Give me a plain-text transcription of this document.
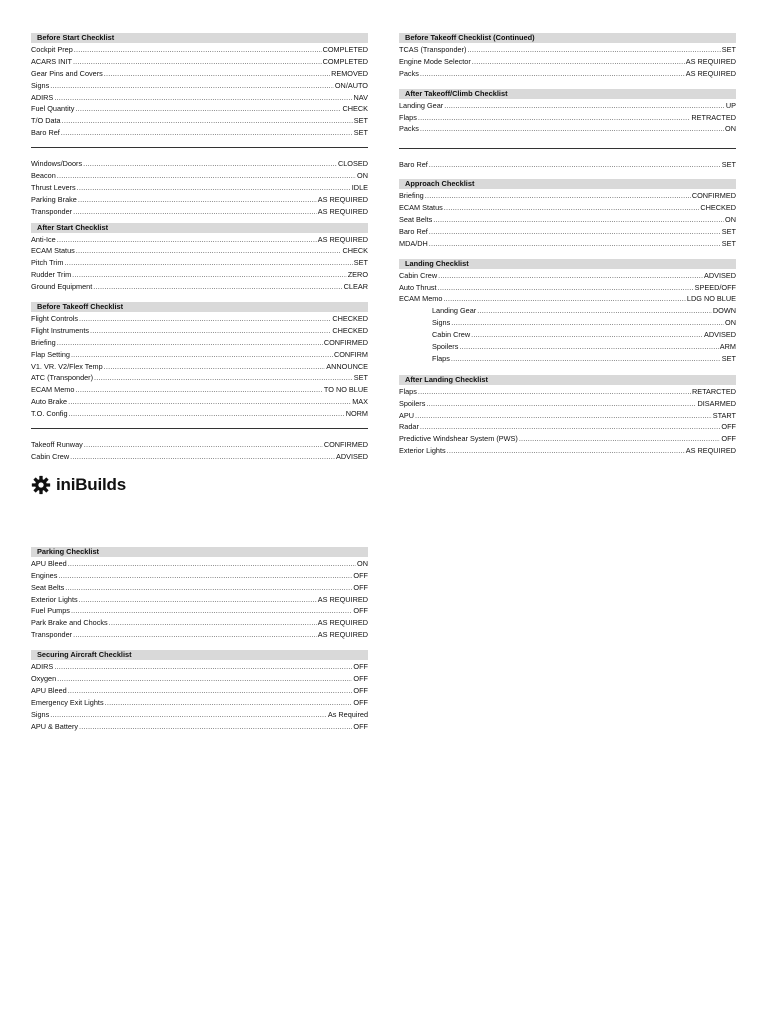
Before Start Checklist
Cockpit Prep .....	COMPLETED
ACARS INIT .....	COMPLETED
Gear Pins and Covers .....	REMOVED
Signs .....	ON/AUTO
ADIRS .....	NAV
Fuel Quantity .....	CHECK
T/O Data .....	SET
Baro Ref .....	SET
Windows/Doors .....	CLOSED
Beacon .....	ON
Thrust Levers .....	IDLE
Parking Brake .....	AS REQUIRED
Transponder .....	AS REQUIRED
After Start Checklist
Anti-Ice .....	AS REQUIRED
ECAM Status .....	CHECK
Pitch Trim .....	SET
Rudder Trim .....	ZERO
Ground Equipment .....	CLEAR
Before Takeoff Checklist
Flight Controls .....	CHECKED
Flight Instruments .....	CHECKED
Briefing .....	CONFIRMED
Flap Setting .....	CONFIRM
V1. VR. V2/Flex Temp .....	ANNOUNCE
ATC (Transponder) .....	SET
ECAM Memo .....	TO NO BLUE
Auto Brake .....	MAX
T.O. Config .....	NORM
Takeoff Runway .....	CONFIRMED
Cabin Crew .....	ADVISED
iniBuilds
Parking Checklist
APU Bleed .....	ON
Engines .....	OFF
Seat Belts .....	OFF
Exterior Lights .....	AS REQUIRED
Fuel Pumps .....	OFF
Park Brake and Chocks .....	AS REQUIRED
Transponder .....	AS REQUIRED
Securing Aircraft Checklist
ADIRS .....	OFF
Oxygen .....	OFF
APU Bleed .....	OFF
Emergency Exit Lights .....	OFF
Signs .....	As Required
APU & Battery .....	OFF
Before Takeoff Checklist (Continued)
TCAS (Transponder) .....	SET
Engine Mode Selector .....	AS REQUIRED
Packs .....	AS REQUIRED
After Takeoff/Climb Checklist
Landing Gear .....	UP
Flaps .....	RETRACTED
Packs .....	ON
Baro Ref .....	SET
Approach Checklist
Briefing .....	CONFIRMED
ECAM Status .....	CHECKED
Seat Belts .....	ON
Baro Ref .....	SET
MDA/DH .....	SET
Landing Checklist
Cabin Crew .....	ADVISED
Auto Thrust .....	SPEED/OFF
ECAM Memo .....	LDG NO BLUE
Landing Gear .....	DOWN
Signs .....	ON
Cabin Crew .....	ADVISED
Spoilers .....	ARM
Flaps .....	SET
After Landing Checklist
Flaps .....	RETARCTED
Spoilers .....	DISARMED
APU .....	START
Radar .....	OFF
Predictive Windshear System (PWS) .....	OFF
Exterior Lights .....	AS REQUIRED
